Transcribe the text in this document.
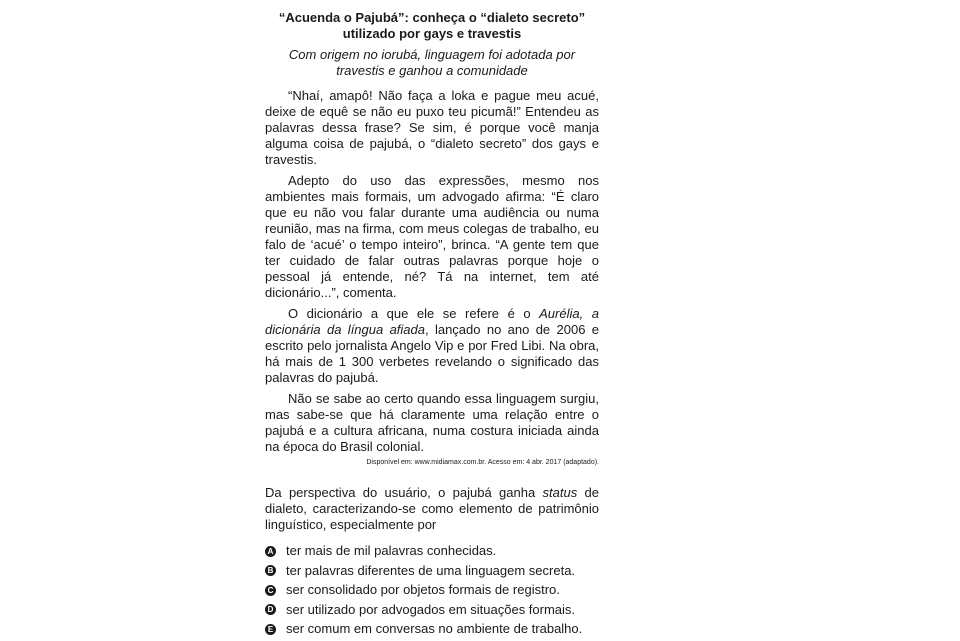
“Acuenda o Pajubá”: conheça o “dialeto secreto”
utilizado por gays e travestis

Com origem no iorubá, linguagem foi adotada por
travestis e ganhou a comunidade

“Nhaí, amapô! Não faça a loka e pague meu acué, deixe de equê se não eu puxo teu picumã!” Entendeu as palavras dessa frase? Se sim, é porque você manja alguma coisa de pajubá, o “dialeto secreto” dos gays e travestis.

Adepto do uso das expressões, mesmo nos ambientes mais formais, um advogado afirma: “É claro que eu não vou falar durante uma audiência ou numa reunião, mas na firma, com meus colegas de trabalho, eu falo de ‘acué’ o tempo inteiro”, brinca. “A gente tem que ter cuidado de falar outras palavras porque hoje o pessoal já entende, né? Tá na internet, tem até dicionário...”, comenta.

O dicionário a que ele se refere é o Aurélia, a dicionária da língua afiada, lançado no ano de 2006 e escrito pelo jornalista Angelo Vip e por Fred Libi. Na obra, há mais de 1 300 verbetes revelando o significado das palavras do pajubá.

Não se sabe ao certo quando essa linguagem surgiu, mas sabe-se que há claramente uma relação entre o pajubá e a cultura africana, numa costura iniciada ainda na época do Brasil colonial.

Disponível em: www.midiamax.com.br. Acesso em: 4 abr. 2017 (adaptado).

Da perspectiva do usuário, o pajubá ganha status de dialeto, caracterizando-se como elemento de patrimônio linguístico, especialmente por

A ter mais de mil palavras conhecidas.
B ter palavras diferentes de uma linguagem secreta.
C ser consolidado por objetos formais de registro.
D ser utilizado por advogados em situações formais.
E ser comum em conversas no ambiente de trabalho.
